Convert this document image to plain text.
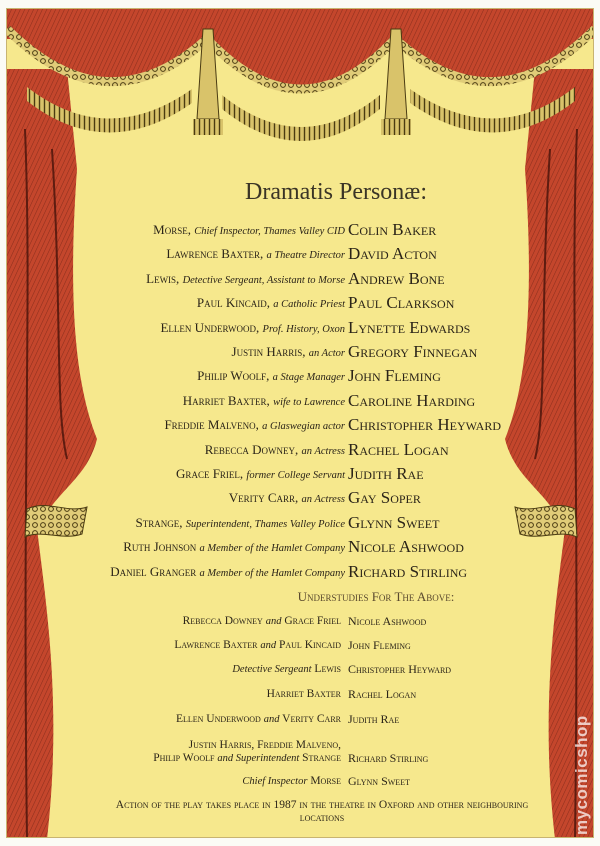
Dramatis Personæ:
Morse, Chief Inspector, Thames Valley CID Colin Baker
Lawrence Baxter, a Theatre Director David Acton
Lewis, Detective Sergeant, Assistant to Morse Andrew Bone
Paul Kincaid, a Catholic Priest Paul Clarkson
Ellen Underwood, Prof. History, Oxon Lynette Edwards
Justin Harris, an Actor Gregory Finnegan
Philip Woolf, a Stage Manager John Fleming
Harriet Baxter, wife to Lawrence Caroline Harding
Freddie Malveno, a Glaswegian actor Christopher Heyward
Rebecca Downey, an Actress Rachel Logan
Grace Friel, former College Servant Judith Rae
Verity Carr, an Actress Gay Soper
Strange, Superintendent, Thames Valley Police Glynn Sweet
Ruth Johnson a Member of the Hamlet Company Nicole Ashwood
Daniel Granger a Member of the Hamlet Company Richard Stirling
Understudies For The Above:
Rebecca Downey and Grace Friel Nicole Ashwood
Lawrence Baxter and Paul Kincaid John Fleming
Detective Sergeant Lewis Christopher Heyward
Harriet Baxter Rachel Logan
Ellen Underwood and Verity Carr Judith Rae
Justin Harris, Freddie Malveno,
Philip Woolf and Superintendent Strange Richard Stirling
Chief Inspector Morse Glynn Sweet
Action of the play takes place in 1987 in the theatre in Oxford and other neighbouring locations	mycomicshop
